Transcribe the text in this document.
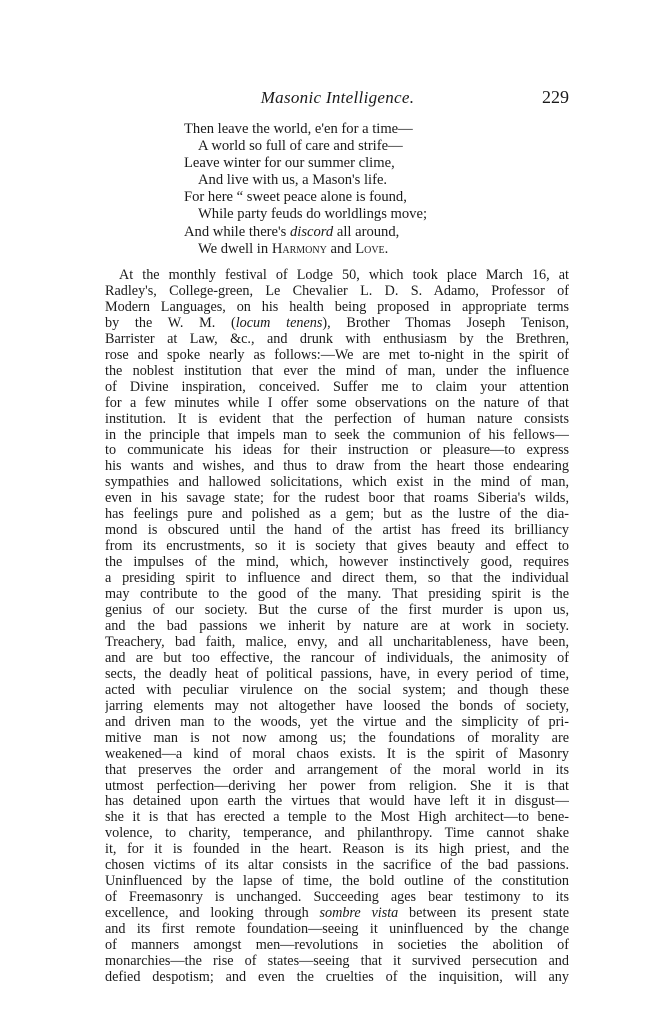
Masonic Intelligence.	229
Then leave the world, e'en for a time—
A world so full of care and strife—
Leave winter for our summer clime,
And live with us, a Mason's life.
For here “ sweet peace alone is found,
While party feuds do worldlings move;
And while there's discord all around,
We dwell in Harmony and Love.
At the monthly festival of Lodge 50, which took place March 16, at
Radley's, College-green, Le Chevalier L. D. S. Adamo, Professor of
Modern Languages, on his health being proposed in appropriate terms
by the W. M. (locum tenens), Brother Thomas Joseph Tenison,
Barrister at Law, &c., and drunk with enthusiasm by the Brethren,
rose and spoke nearly as follows:—We are met to-night in the spirit of
the noblest institution that ever the mind of man, under the influence
of Divine inspiration, conceived. Suffer me to claim your attention
for a few minutes while I offer some observations on the nature of that
institution. It is evident that the perfection of human nature consists
in the principle that impels man to seek the communion of his fellows—
to communicate his ideas for their instruction or pleasure—to express
his wants and wishes, and thus to draw from the heart those endearing
sympathies and hallowed solicitations, which exist in the mind of man,
even in his savage state; for the rudest boor that roams Siberia's wilds,
has feelings pure and polished as a gem; but as the lustre of the dia-
mond is obscured until the hand of the artist has freed its brilliancy
from its encrustments, so it is society that gives beauty and effect to
the impulses of the mind, which, however instinctively good, requires
a presiding spirit to influence and direct them, so that the individual
may contribute to the good of the many. That presiding spirit is the
genius of our society. But the curse of the first murder is upon us,
and the bad passions we inherit by nature are at work in society.
Treachery, bad faith, malice, envy, and all uncharitableness, have been,
and are but too effective, the rancour of individuals, the animosity of
sects, the deadly heat of political passions, have, in every period of time,
acted with peculiar virulence on the social system; and though these
jarring elements may not altogether have loosed the bonds of society,
and driven man to the woods, yet the virtue and the simplicity of pri-
mitive man is not now among us; the foundations of morality are
weakened—a kind of moral chaos exists. It is the spirit of Masonry
that preserves the order and arrangement of the moral world in its
utmost perfection—deriving her power from religion. She it is that
has detained upon earth the virtues that would have left it in disgust—
she it is that has erected a temple to the Most High architect—to bene-
volence, to charity, temperance, and philanthropy. Time cannot shake
it, for it is founded in the heart. Reason is its high priest, and the
chosen victims of its altar consists in the sacrifice of the bad passions.
Uninfluenced by the lapse of time, the bold outline of the constitution
of Freemasonry is unchanged. Succeeding ages bear testimony to its
excellence, and looking through sombre vista between its present state
and its first remote foundation—seeing it uninfluenced by the change
of manners amongst men—revolutions in societies the abolition of
monarchies—the rise of states—seeing that it survived persecution and
defied despotism; and even the cruelties of the inquisition, will any
